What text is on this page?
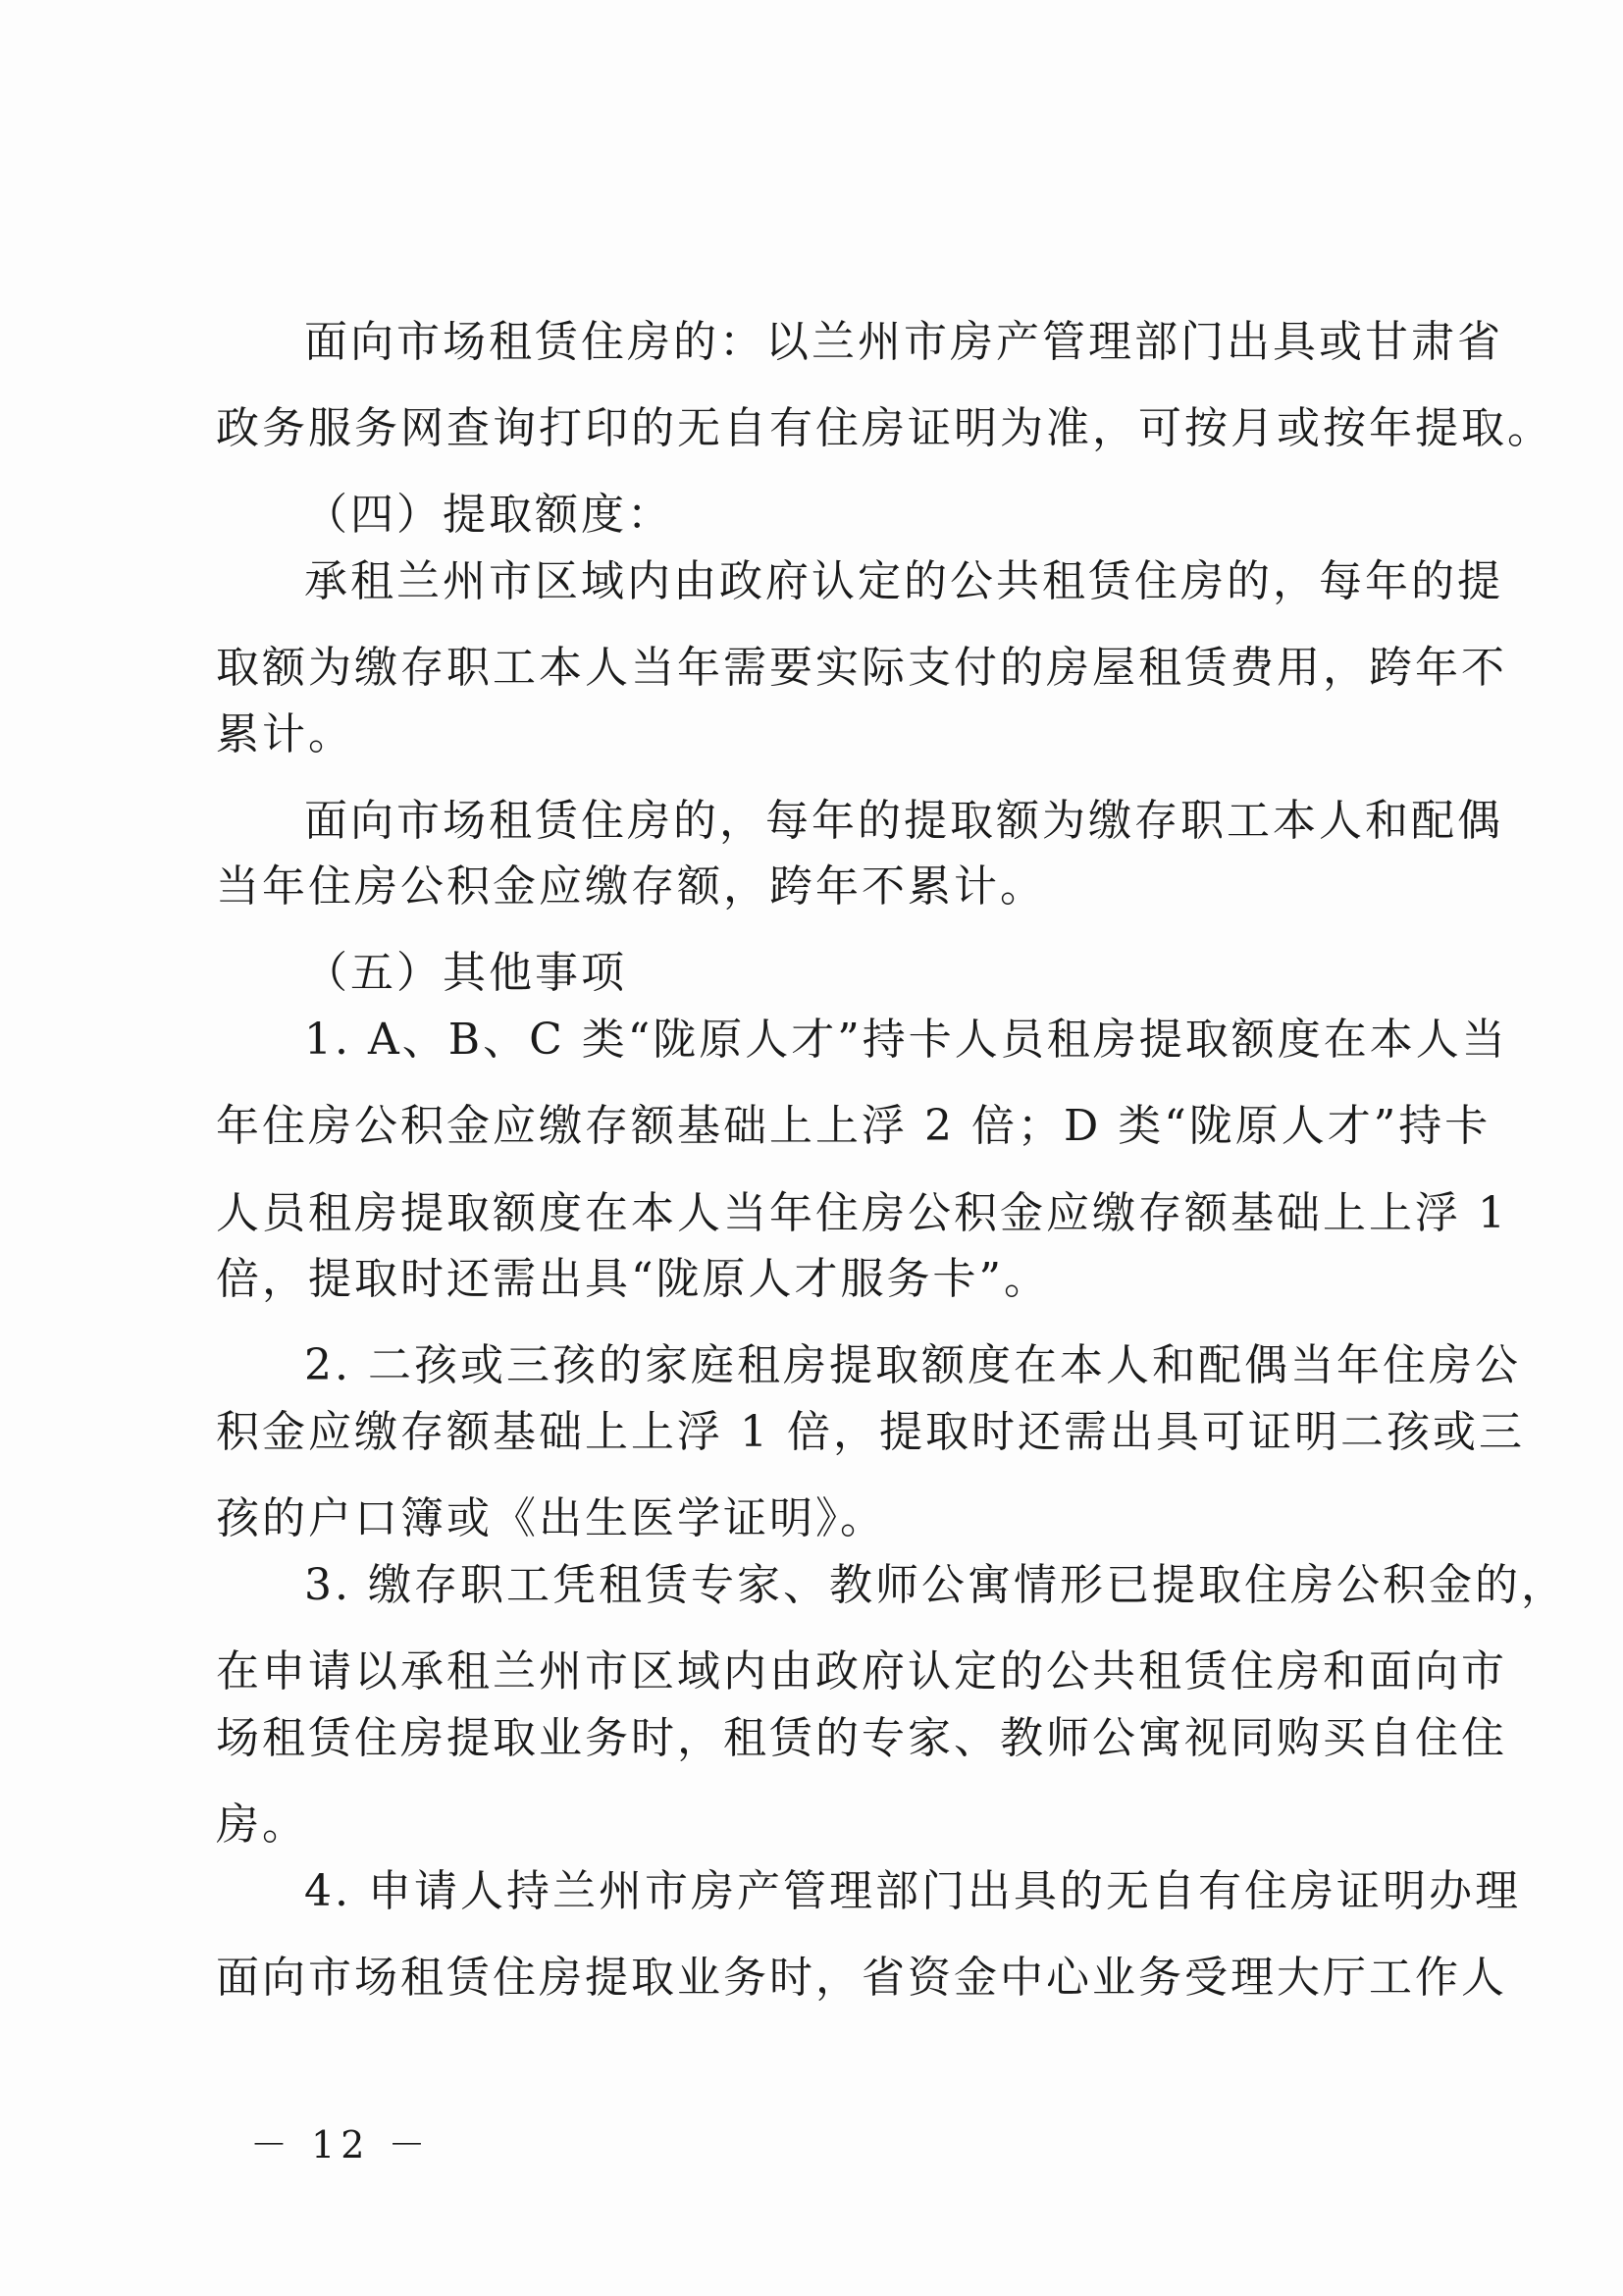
面向市场租赁住房的：以兰州市房产管理部门出具或甘肃省
政务服务网查询打印的无自有住房证明为准，可按月或按年提取。
（四）提取额度：
承租兰州市区域内由政府认定的公共租赁住房的，每年的提
取额为缴存职工本人当年需要实际支付的房屋租赁费用，跨年不
累计。
面向市场租赁住房的，每年的提取额为缴存职工本人和配偶
当年住房公积金应缴存额，跨年不累计。
（五）其他事项
1. A、B、C 类“陇原人才”持卡人员租房提取额度在本人当
年住房公积金应缴存额基础上上浮 2 倍；D 类“陇原人才”持卡
人员租房提取额度在本人当年住房公积金应缴存额基础上上浮 1
倍，提取时还需出具“陇原人才服务卡”。
2. 二孩或三孩的家庭租房提取额度在本人和配偶当年住房公
积金应缴存额基础上上浮 1 倍，提取时还需出具可证明二孩或三
孩的户口簿或《出生医学证明》。
3. 缴存职工凭租赁专家、教师公寓情形已提取住房公积金的，
在申请以承租兰州市区域内由政府认定的公共租赁住房和面向市
场租赁住房提取业务时，租赁的专家、教师公寓视同购买自住住
房。
4. 申请人持兰州市房产管理部门出具的无自有住房证明办理
面向市场租赁住房提取业务时，省资金中心业务受理大厅工作人
－ 12 －
